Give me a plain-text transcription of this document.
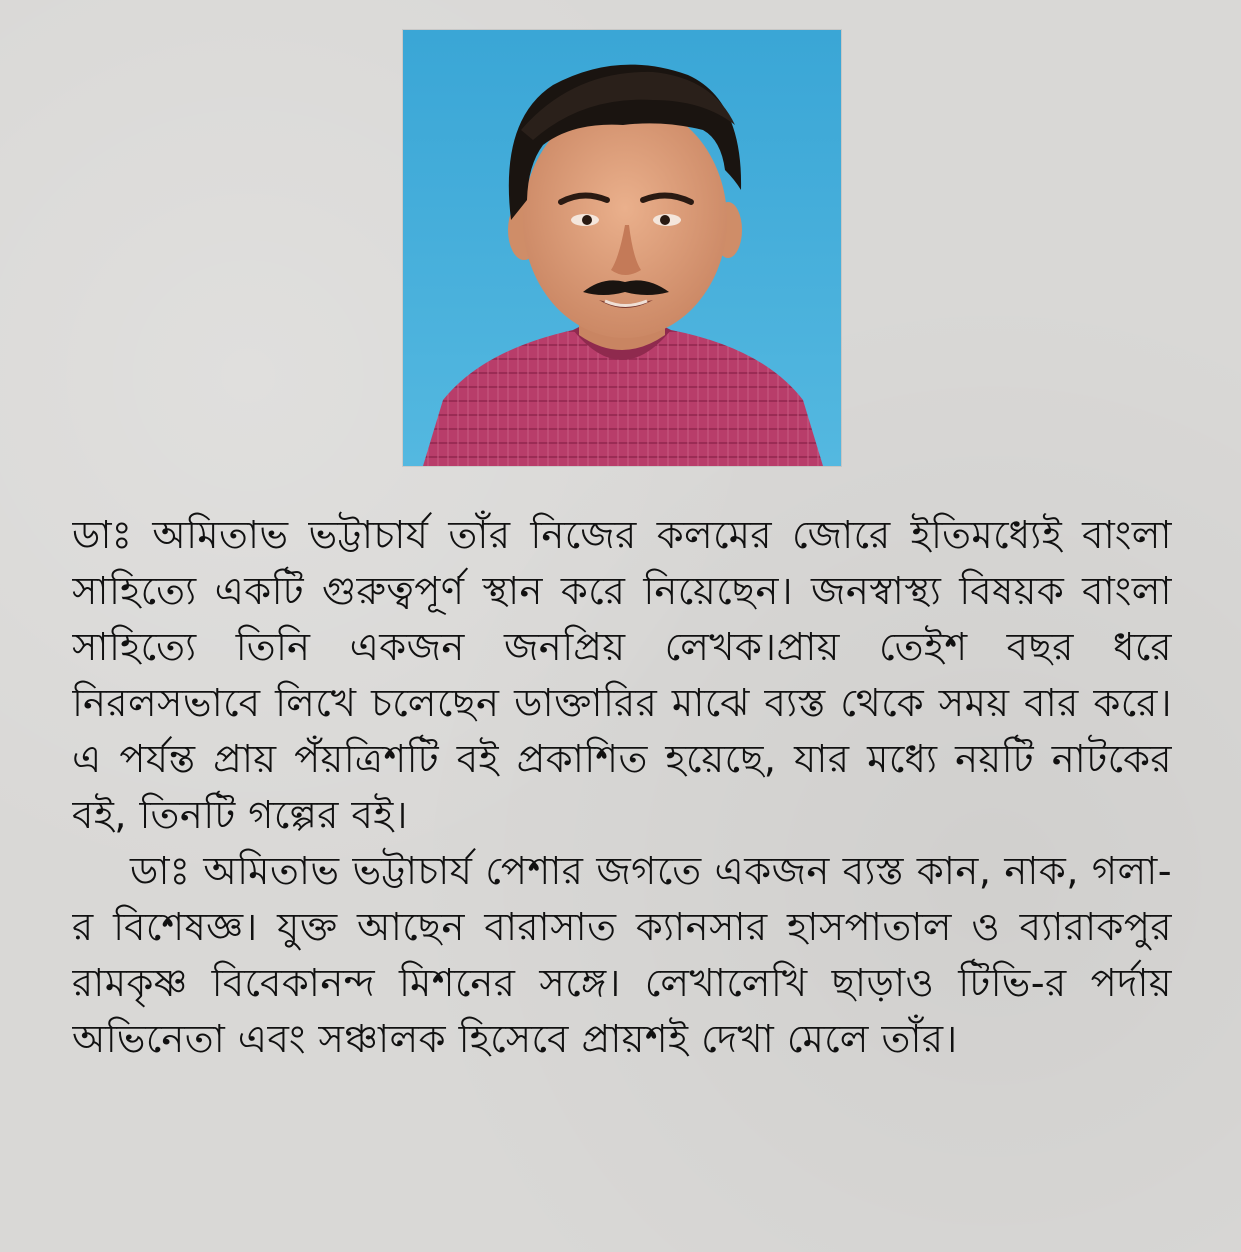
ডাঃ অমিতাভ ভট্টাচার্য তাঁর নিজের কলমের জোরে ইতিমধ্যেই বাংলা সাহিত্যে একটি গুরুত্বপূর্ণ স্থান করে নিয়েছেন। জনস্বাস্থ্য বিষয়ক বাংলা সাহিত্যে তিনি একজন জনপ্রিয় লেখক।প্রায় তেইশ বছর ধরে নিরলসভাবে লিখে চলেছেন ডাক্তারির মাঝে ব্যস্ত থেকে সময় বার করে। এ পর্যন্ত প্রায় পঁয়ত্রিশটি বই প্রকাশিত হয়েছে, যার মধ্যে নয়টি নাটকের বই, তিনটি গল্পের বই।

ডাঃ অমিতাভ ভট্টাচার্য পেশার জগতে একজন ব্যস্ত কান, নাক, গলা-র বিশেষজ্ঞ। যুক্ত আছেন বারাসাত ক্যানসার হাসপাতাল ও ব্যারাকপুর রামকৃষ্ণ বিবেকানন্দ মিশনের সঙ্গে। লেখালেখি ছাড়াও টিভি-র পর্দায় অভিনেতা এবং সঞ্চালক হিসেবে প্রায়শই দেখা মেলে তাঁর।
